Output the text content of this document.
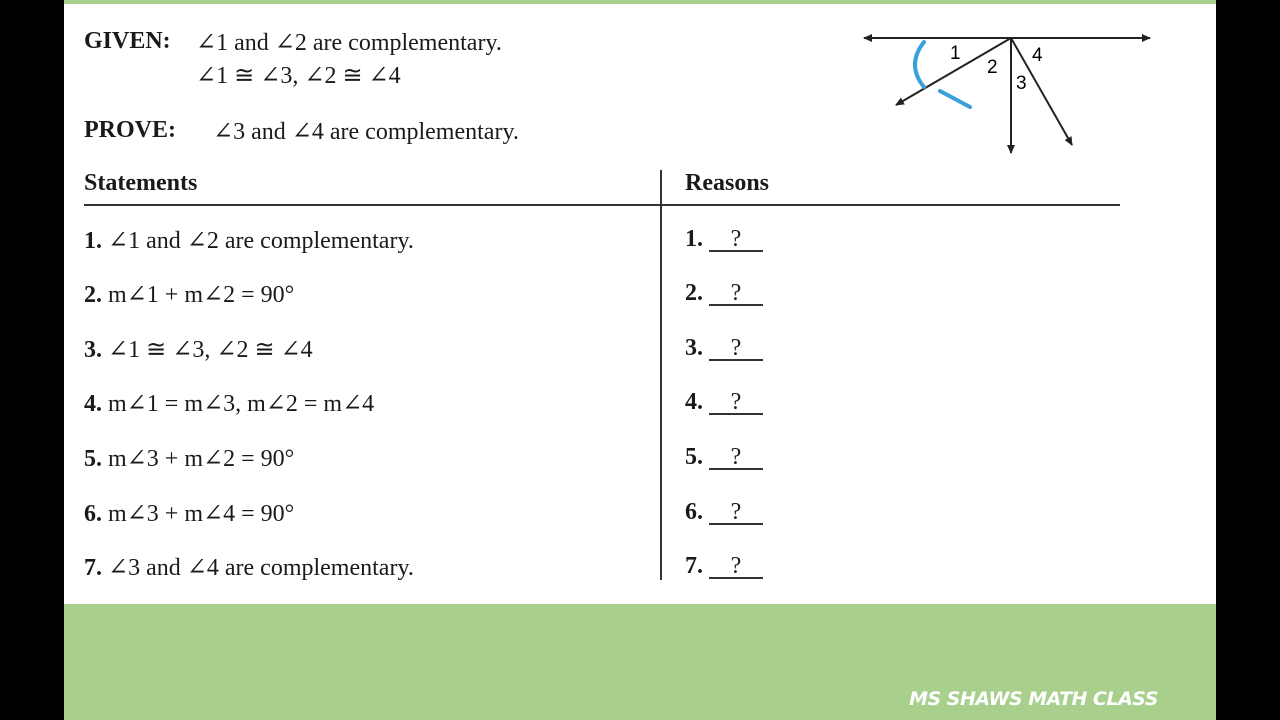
GIVEN: ∠1 and ∠2 are complementary.
∠1 ≅ ∠3, ∠2 ≅ ∠4
PROVE: ∠3 and ∠4 are complementary.
1
2
3
4
Statements	Reasons
1. ∠1 and ∠2 are complementary.
2. m∠1 + m∠2 = 90°
3. ∠1 ≅ ∠3, ∠2 ≅ ∠4
4. m∠1 = m∠3, m∠2 = m∠4
5. m∠3 + m∠2 = 90°
6. m∠3 + m∠4 = 90°
7. ∠3 and ∠4 are complementary.
1. ?
2. ?
3. ?
4. ?
5. ?
6. ?
7. ?
MS SHAWS MATH CLASS
